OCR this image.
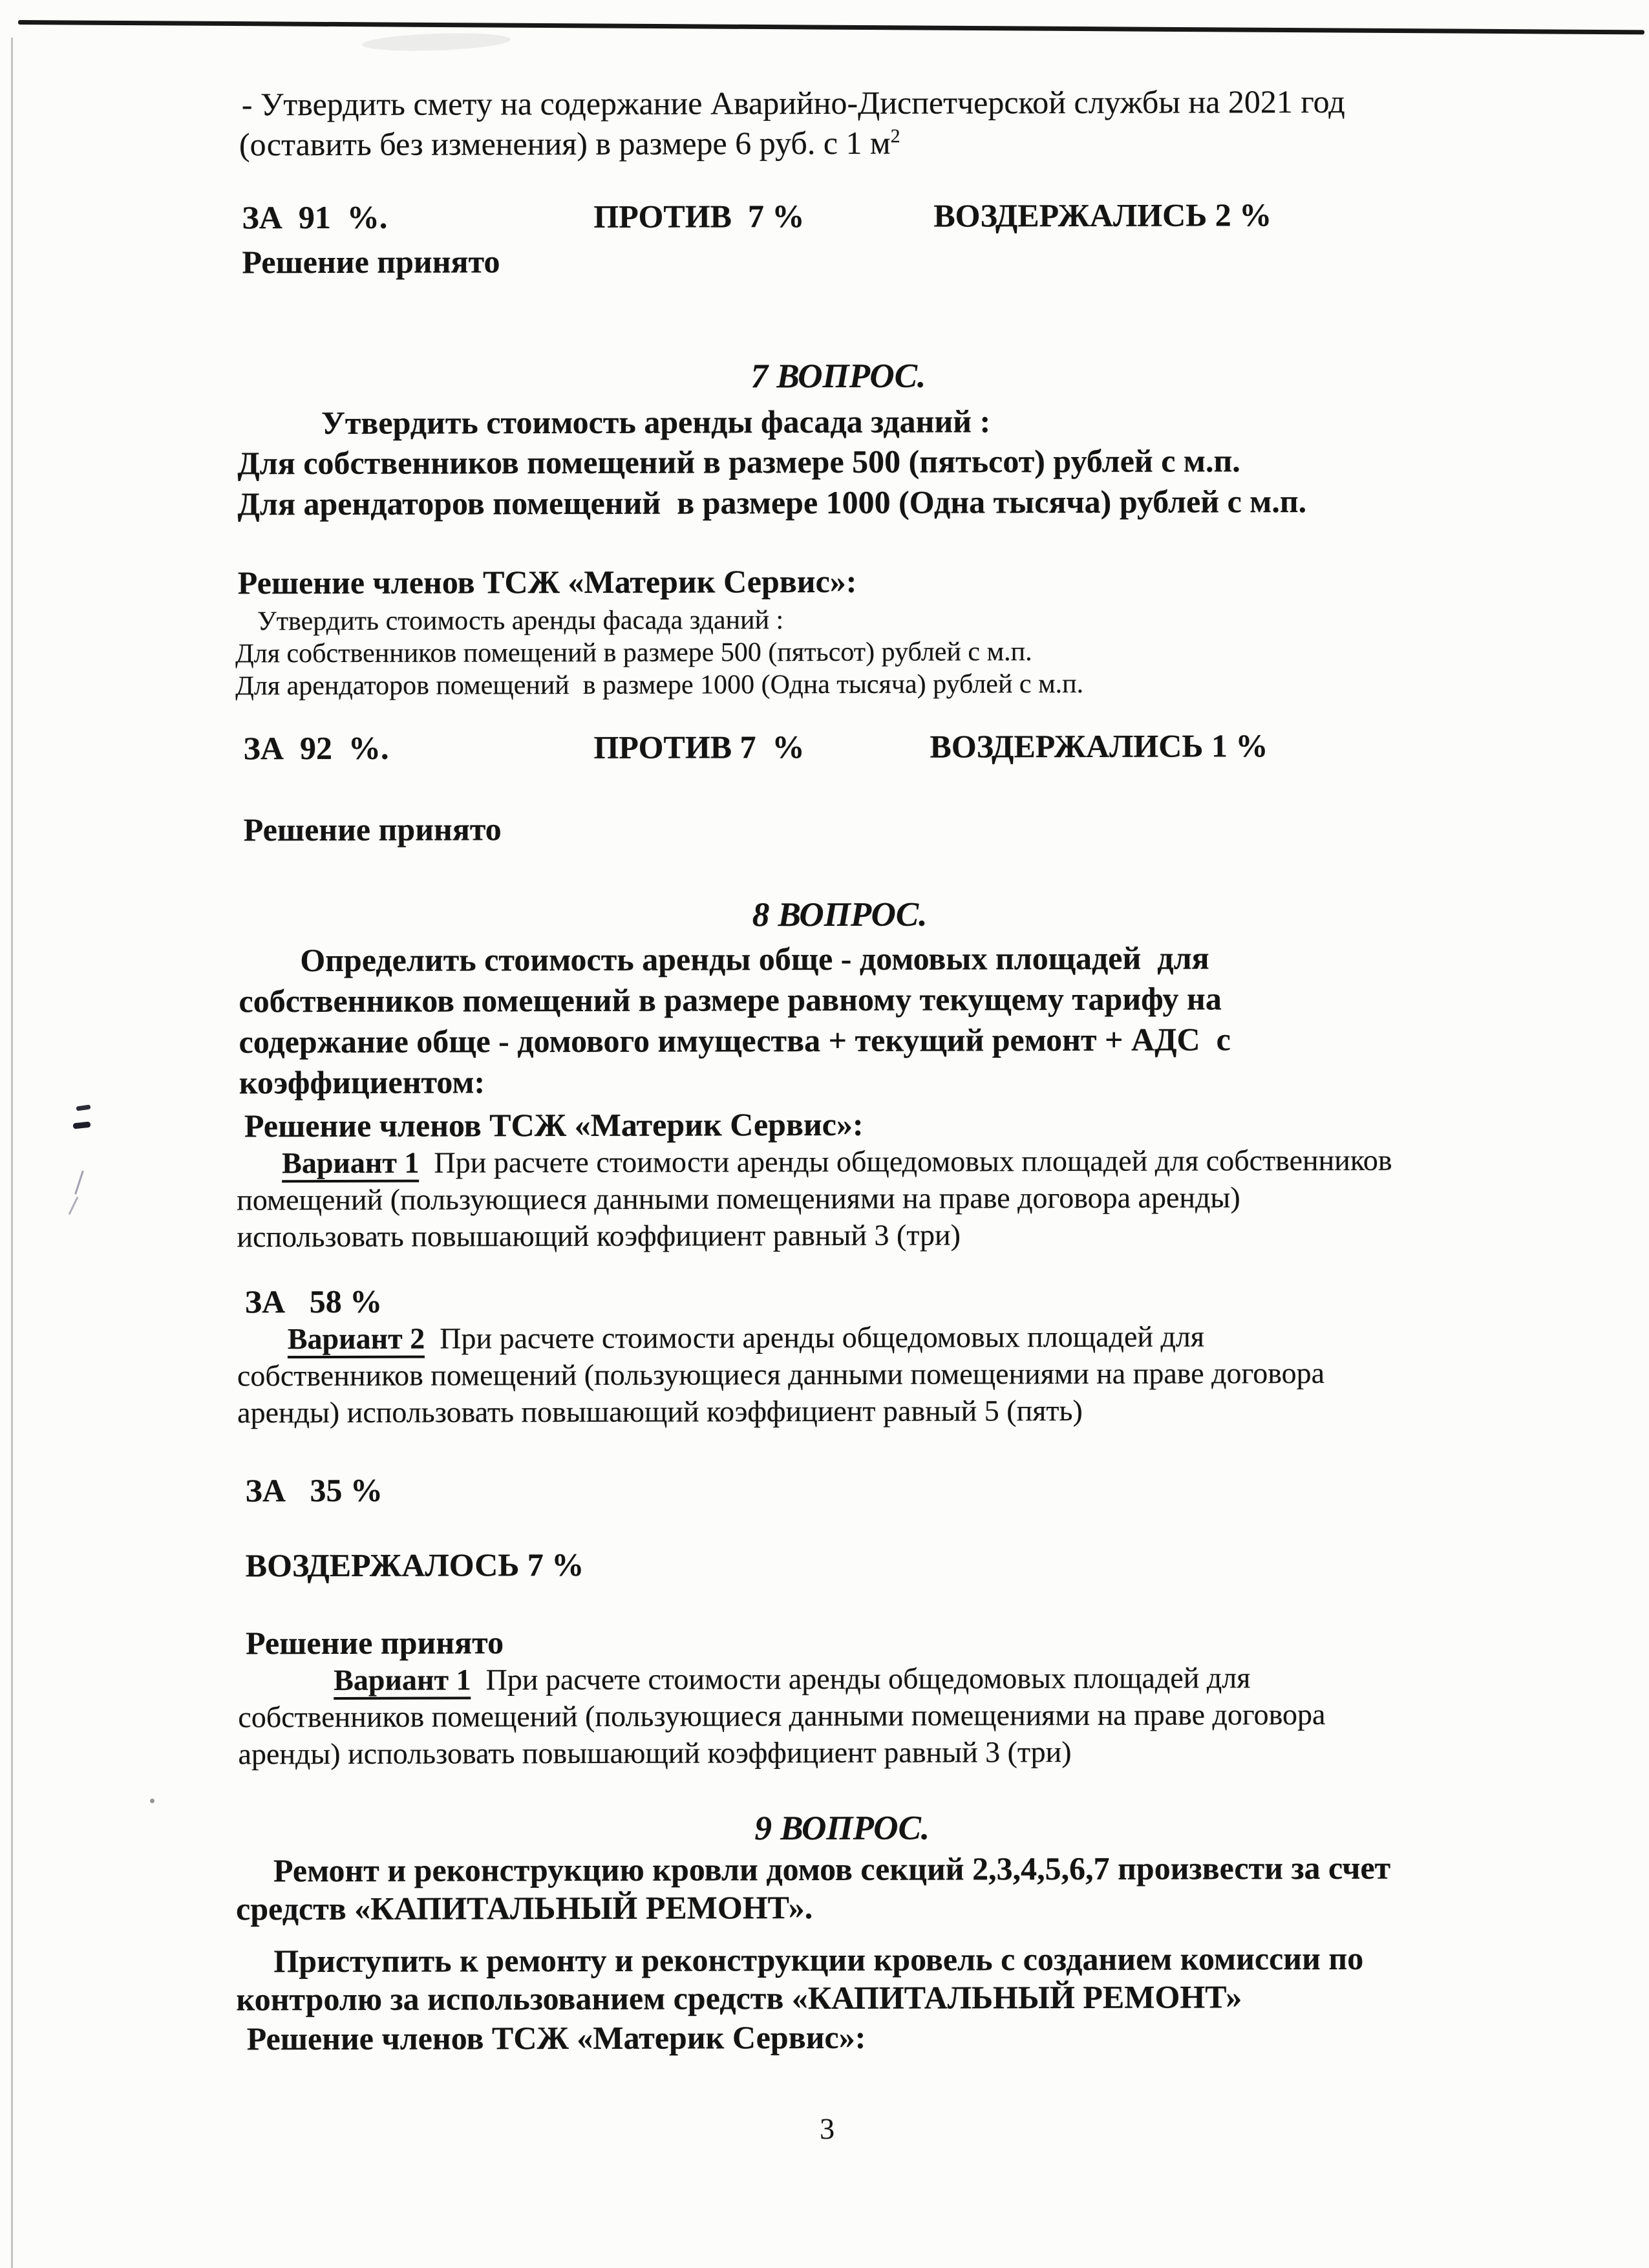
- Утвердить смету на содержание Аварийно-Диспетчерской службы на 2021 год
(оставить без изменения) в размере 6 руб. с 1 $м^2$
ЗА  91  %.	ПРОТИВ  7 %	ВОЗДЕРЖАЛИСЬ 2 %
Решение принято
7 ВОПРОС.
Утвердить стоимость аренды фасада зданий :
Для собственников помещений в размере 500 (пятьсот) рублей с м.п.
Для арендаторов помещений  в размере 1000 (Одна тысяча) рублей с м.п.
Решение членов ТСЖ «Материк Сервис»:
Утвердить стоимость аренды фасада зданий :
Для собственников помещений в размере 500 (пятьсот) рублей с м.п.
Для арендаторов помещений  в размере 1000 (Одна тысяча) рублей с м.п.
ЗА  92  %.	ПРОТИВ 7  %	ВОЗДЕРЖАЛИСЬ 1 %
Решение принято
8 ВОПРОС.
Определить стоимость аренды обще - домовых площадей  для
собственников помещений в размере равному текущему тарифу на
содержание обще - домового имущества + текущий ремонт + АДС  с
коэффициентом:
Решение членов ТСЖ «Материк Сервис»:
Вариант 1  При расчете стоимости аренды общедомовых площадей для собственников
помещений (пользующиеся данными помещениями на праве договора аренды)
использовать повышающий коэффициент равный 3 (три)
ЗА   58 %
Вариант 2  При расчете стоимости аренды общедомовых площадей для
собственников помещений (пользующиеся данными помещениями на праве договора
аренды) использовать повышающий коэффициент равный 5 (пять)
ЗА   35 %
ВОЗДЕРЖАЛОСЬ 7 %
Решение принято
Вариант 1  При расчете стоимости аренды общедомовых площадей для
собственников помещений (пользующиеся данными помещениями на праве договора
аренды) использовать повышающий коэффициент равный 3 (три)
9 ВОПРОС.
Ремонт и реконструкцию кровли домов секций 2,3,4,5,6,7 произвести за счет
средств «КАПИТАЛЬНЫЙ РЕМОНТ».
Приступить к ремонту и реконструкции кровель с созданием комиссии по
контролю за использованием средств «КАПИТАЛЬНЫЙ РЕМОНТ»
Решение членов ТСЖ «Материк Сервис»:
3
